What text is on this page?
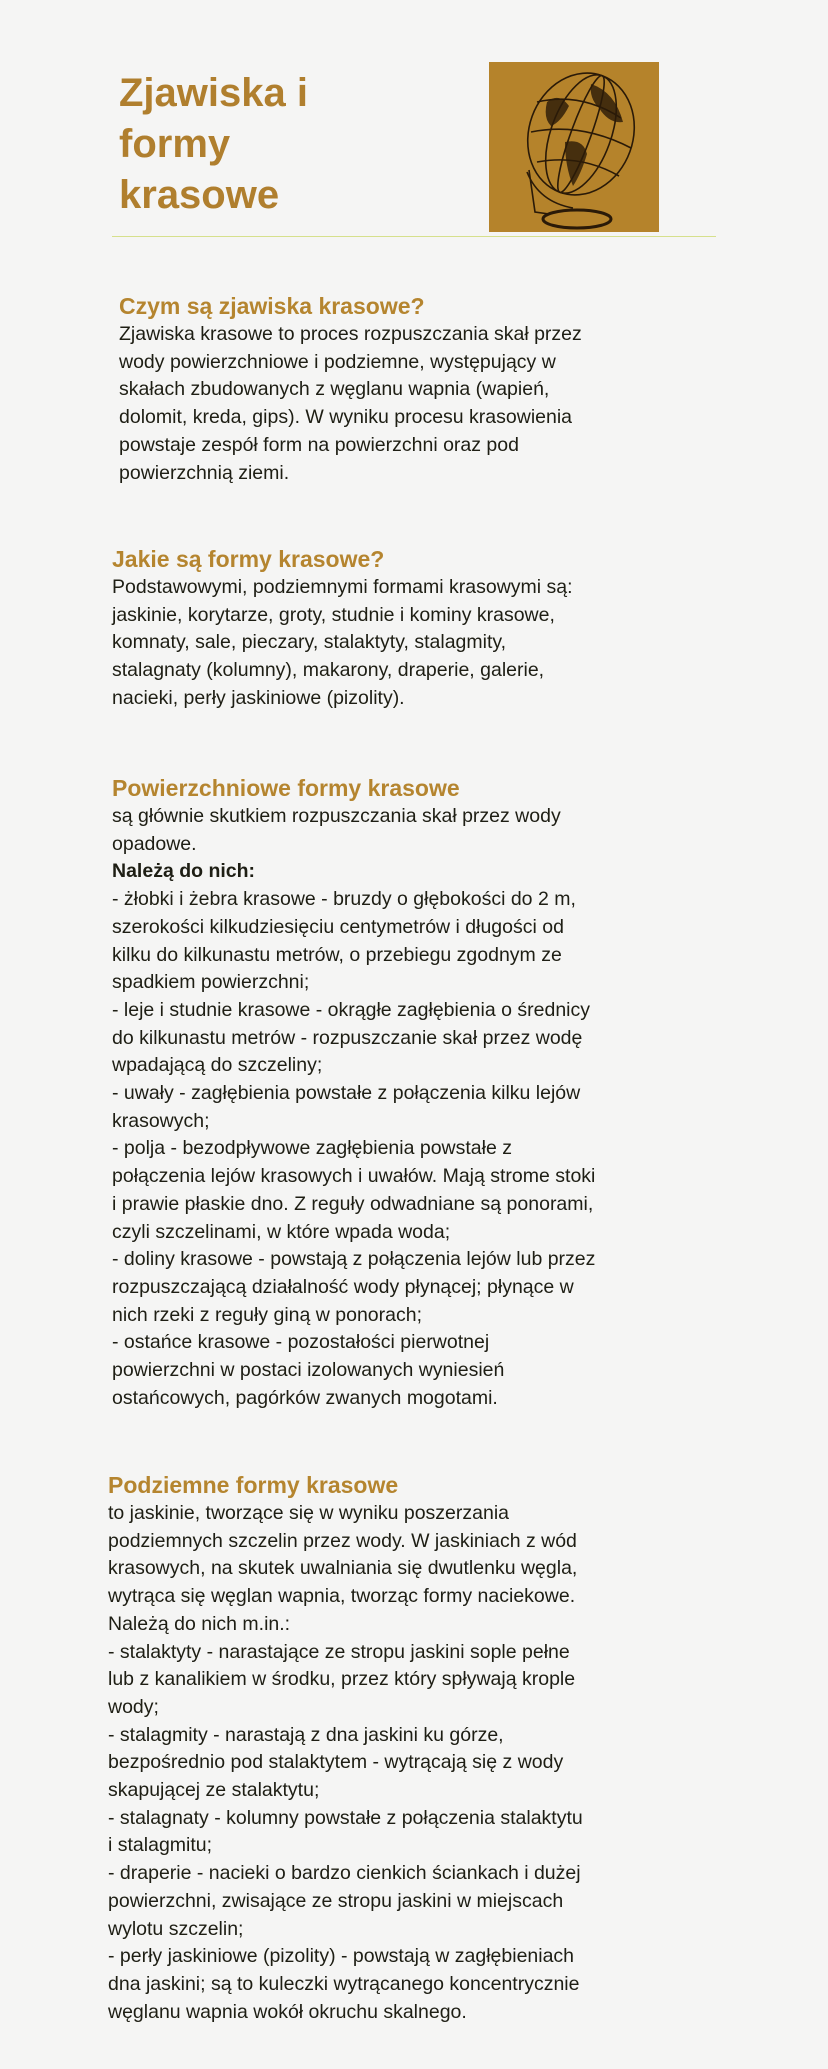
Zjawiska i
formy
krasowe
Czym są zjawiska krasowe?
Zjawiska krasowe to proces rozpuszczania skał przez
wody powierzchniowe i podziemne, występujący w
skałach zbudowanych z węglanu wapnia (wapień,
dolomit, kreda, gips). W wyniku procesu krasowienia
powstaje zespół form na powierzchni oraz pod
powierzchnią ziemi.
Jakie są formy krasowe?
Podstawowymi, podziemnymi formami krasowymi są:
jaskinie, korytarze, groty, studnie i kominy krasowe,
komnaty, sale, pieczary, stalaktyty, stalagmity,
stalagnaty (kolumny), makarony, draperie, galerie,
nacieki, perły jaskiniowe (pizolity).
Powierzchniowe formy krasowe
są głównie skutkiem rozpuszczania skał przez wody
opadowe.
Należą do nich:
- żłobki i żebra krasowe - bruzdy o głębokości do 2 m,
szerokości kilkudziesięciu centymetrów i długości od
kilku do kilkunastu metrów, o przebiegu zgodnym ze
spadkiem powierzchni;
- leje i studnie krasowe - okrągłe zagłębienia o średnicy
do kilkunastu metrów - rozpuszczanie skał przez wodę
wpadającą do szczeliny;
- uwały - zagłębienia powstałe z połączenia kilku lejów
krasowych;
- polja - bezodpływowe zagłębienia powstałe z
połączenia lejów krasowych i uwałów. Mają strome stoki
i prawie płaskie dno. Z reguły odwadniane są ponorami,
czyli szczelinami, w które wpada woda;
- doliny krasowe - powstają z połączenia lejów lub przez
rozpuszczającą działalność wody płynącej; płynące w
nich rzeki z reguły giną w ponorach;
- ostańce krasowe - pozostałości pierwotnej
powierzchni w postaci izolowanych wyniesień
ostańcowych, pagórków zwanych mogotami.
Podziemne formy krasowe
to jaskinie, tworzące się w wyniku poszerzania
podziemnych szczelin przez wody. W jaskiniach z wód
krasowych, na skutek uwalniania się dwutlenku węgla,
wytrąca się węglan wapnia, tworząc formy naciekowe.
Należą do nich m.in.:
- stalaktyty - narastające ze stropu jaskini sople pełne
lub z kanalikiem w środku, przez który spływają krople
wody;
- stalagmity - narastają z dna jaskini ku górze,
bezpośrednio pod stalaktytem - wytrącają się z wody
skapującej ze stalaktytu;
- stalagnaty - kolumny powstałe z połączenia stalaktytu
i stalagmitu;
- draperie - nacieki o bardzo cienkich ściankach i dużej
powierzchni, zwisające ze stropu jaskini w miejscach
wylotu szczelin;
- perły jaskiniowe (pizolity) - powstają w zagłębieniach
dna jaskini; są to kuleczki wytrącanego koncentrycznie
węglanu wapnia wokół okruchu skalnego.
